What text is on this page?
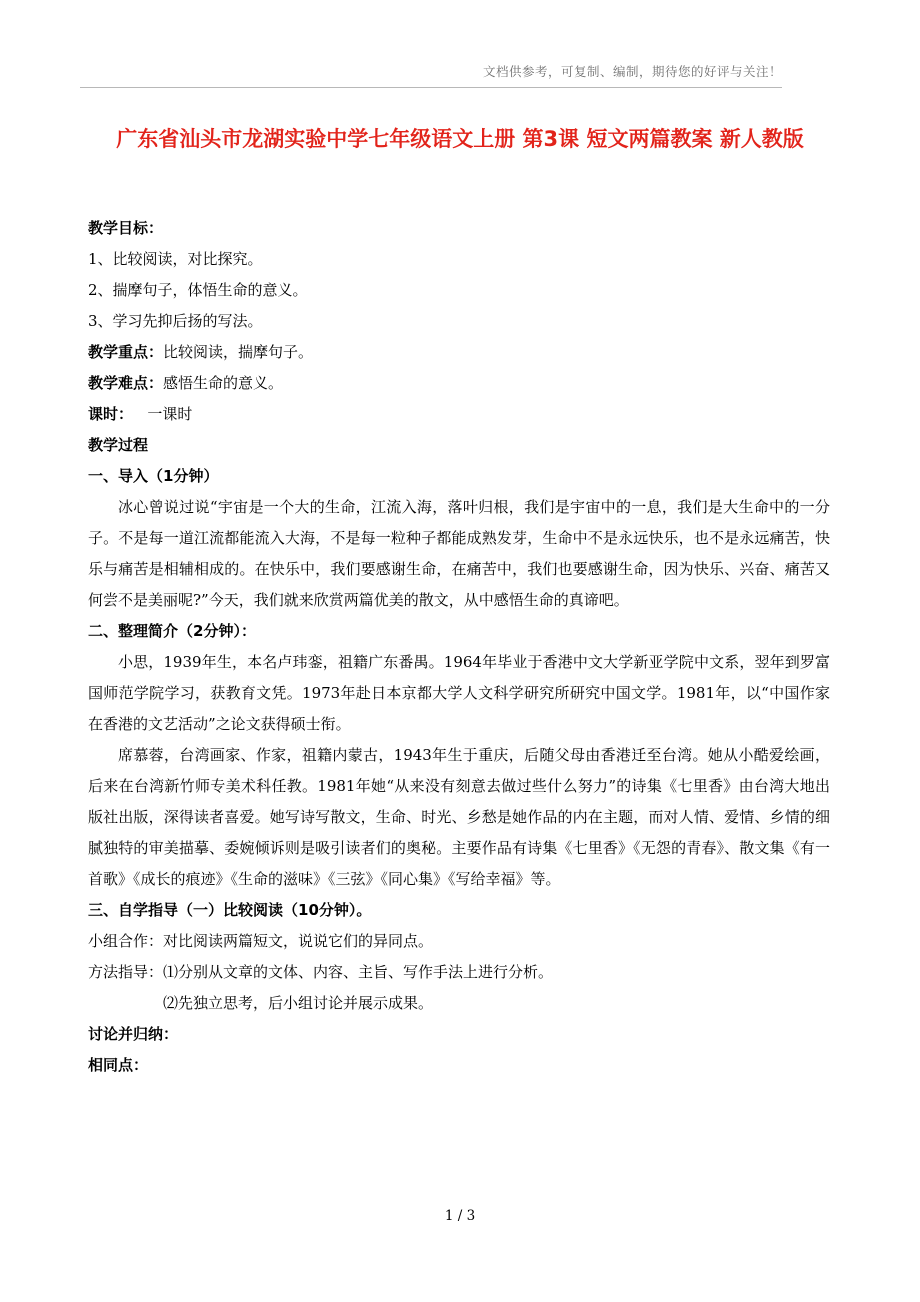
文档供参考，可复制、编制，期待您的好评与关注！
广东省汕头市龙湖实验中学七年级语文上册 第3课 短文两篇教案 新人教版

教学目标：

1、比较阅读，对比探究。

2、揣摩句子，体悟生命的意义。

3、学习先抑后扬的写法。

教学重点：比较阅读，揣摩句子。

教学难点：感悟生命的意义。

课时： 一课时

教学过程

一、导入（1分钟）

冰心曾说过说“宇宙是一个大的生命，江流入海，落叶归根，我们是宇宙中的一息，我们是大生命中的一分子。不是每一道江流都能流入大海，不是每一粒种子都能成熟发芽，生命中不是永远快乐，也不是永远痛苦，快乐与痛苦是相辅相成的。在快乐中，我们要感谢生命，在痛苦中，我们也要感谢生命，因为快乐、兴奋、痛苦又何尝不是美丽呢?”今天，我们就来欣赏两篇优美的散文，从中感悟生命的真谛吧。

二、整理简介（2分钟）：

小思，1939年生，本名卢玮銮，祖籍广东番禺。1964年毕业于香港中文大学新亚学院中文系，翌年到罗富国师范学院学习，获教育文凭。1973年赴日本京都大学人文科学研究所研究中国文学。1981年，以“中国作家在香港的文艺活动”之论文获得硕士衔。

席慕蓉，台湾画家、作家，祖籍内蒙古，1943年生于重庆，后随父母由香港迁至台湾。她从小酷爱绘画，后来在台湾新竹师专美术科任教。1981年她“从来没有刻意去做过些什么努力”的诗集《七里香》由台湾大地出版社出版，深得读者喜爱。她写诗写散文，生命、时光、乡愁是她作品的内在主题，而对人情、爱情、乡情的细腻独特的审美描摹、委婉倾诉则是吸引读者们的奥秘。主要作品有诗集《七里香》《无怨的青春》、散文集《有一首歌》《成长的痕迹》《生命的滋味》《三弦》《同心集》《写给幸福》等。

三、自学指导（一）比较阅读（10分钟）。

小组合作：对比阅读两篇短文，说说它们的异同点。

方法指导：⑴分别从文章的文体、内容、主旨、写作手法上进行分析。

⑵先独立思考，后小组讨论并展示成果。

讨论并归纳：

相同点：

1 / 3
